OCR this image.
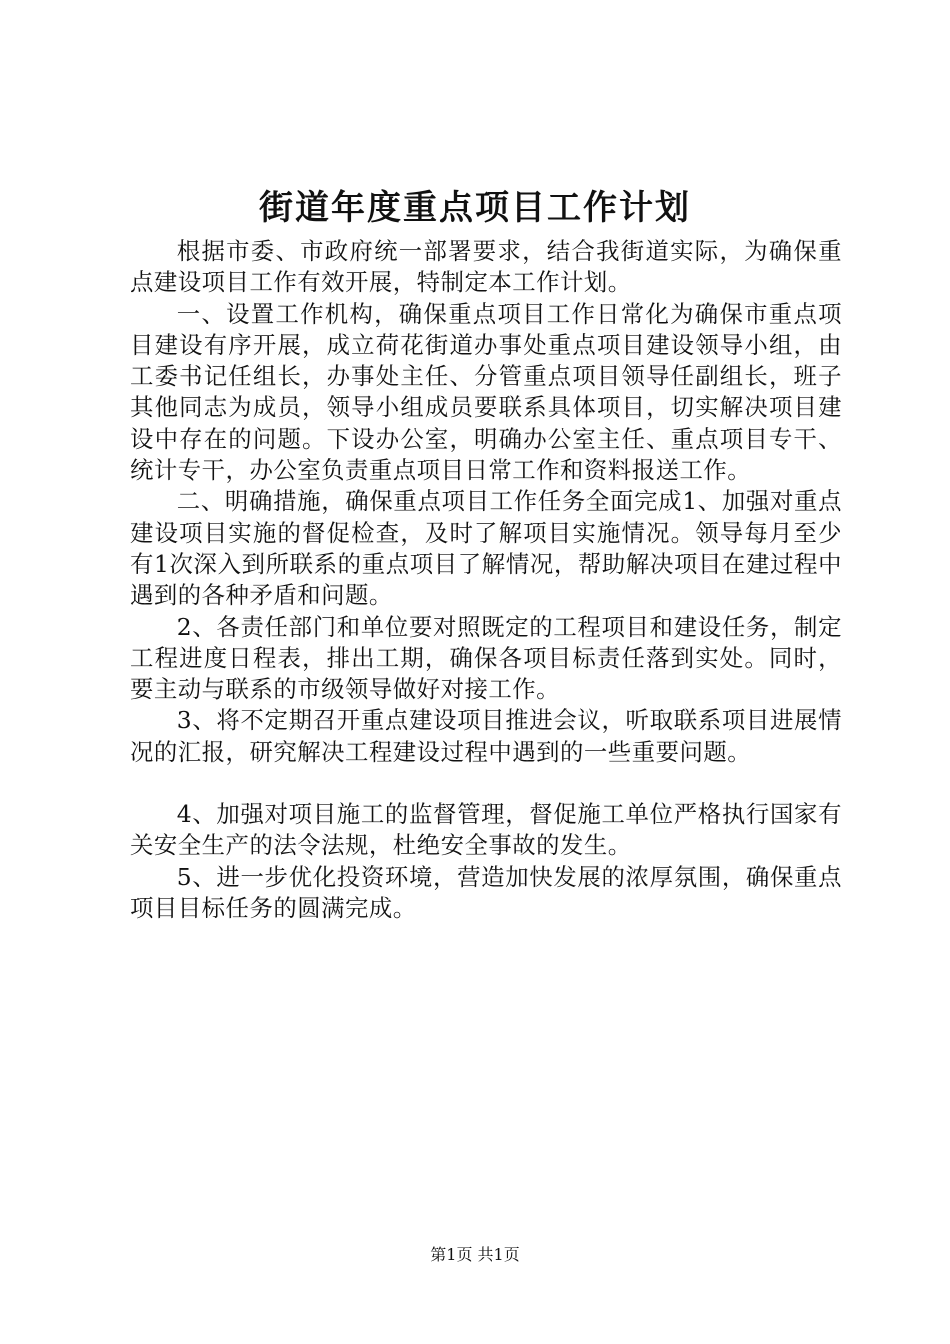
街道年度重点项目工作计划

根据市委、市政府统一部署要求，结合我街道实际，为确保重点建设项目工作有效开展，特制定本工作计划。

一、设置工作机构，确保重点项目工作日常化为确保市重点项目建设有序开展，成立荷花街道办事处重点项目建设领导小组，由工委书记任组长，办事处主任、分管重点项目领导任副组长，班子其他同志为成员，领导小组成员要联系具体项目，切实解决项目建设中存在的问题。下设办公室，明确办公室主任、重点项目专干、统计专干，办公室负责重点项目日常工作和资料报送工作。

二、明确措施，确保重点项目工作任务全面完成1、加强对重点建设项目实施的督促检查，及时了解项目实施情况。领导每月至少有1次深入到所联系的重点项目了解情况，帮助解决项目在建过程中遇到的各种矛盾和问题。

2、各责任部门和单位要对照既定的工程项目和建设任务，制定工程进度日程表，排出工期，确保各项目标责任落到实处。同时，要主动与联系的市级领导做好对接工作。

3、将不定期召开重点建设项目推进会议，听取联系项目进展情况的汇报，研究解决工程建设过程中遇到的一些重要问题。

4、加强对项目施工的监督管理，督促施工单位严格执行国家有关安全生产的法令法规，杜绝安全事故的发生。

5、进一步优化投资环境，营造加快发展的浓厚氛围，确保重点项目目标任务的圆满完成。

第1页 共1页
